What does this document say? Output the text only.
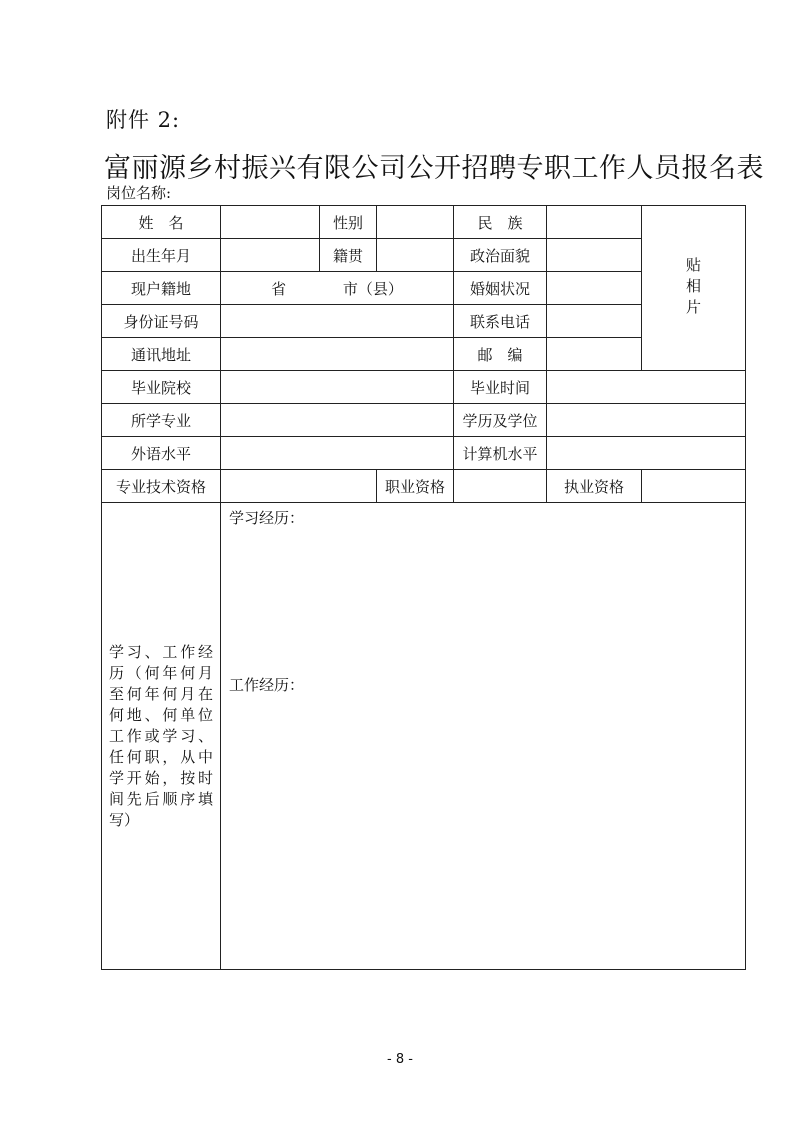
附件 2:
富丽源乡村振兴有限公司公开招聘专职工作人员报名表
岗位名称:
姓　名		性别		民　族		贴相片
出生年月		籍贯		政治面貌		
现户籍地	省 市（县）			婚姻状况		
身份证号码				联系电话		
通讯地址				邮　编		
毕业院校				毕业时间		
所学专业				学历及学位		
外语水平				计算机水平		
专业技术资格			职业资格		执业资格	

学习、工作经历（何年何月至何年何月在何地、何单位工作或学习、任何职，从中学开始，按时间先后顺序填写）	学习经历：
工作经历：					
- 8 -
